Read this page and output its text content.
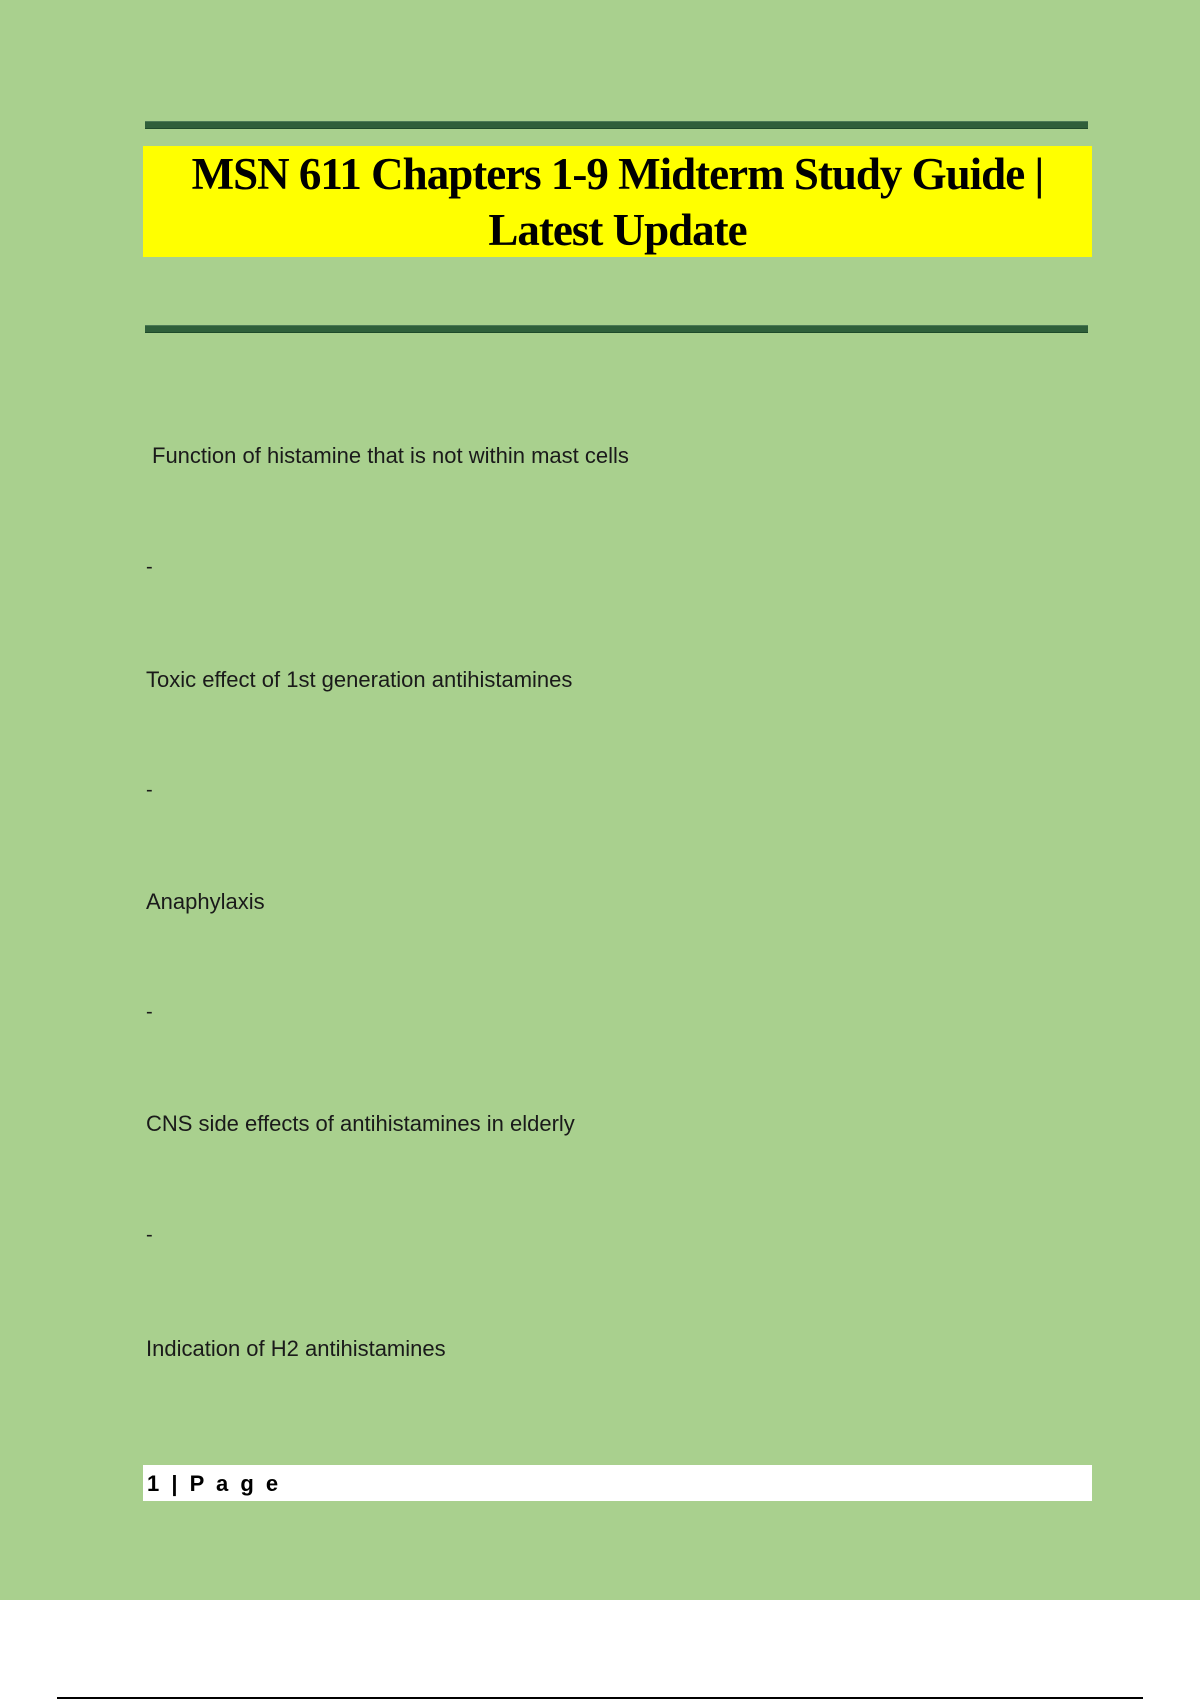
MSN 611 Chapters 1-9 Midterm Study Guide |
Latest Update
Function of histamine that is not within mast cells
-
Toxic effect of 1st generation antihistamines
-
Anaphylaxis
-
CNS side effects of antihistamines in elderly
-
Indication of H2 antihistamines
1 | P a g e
